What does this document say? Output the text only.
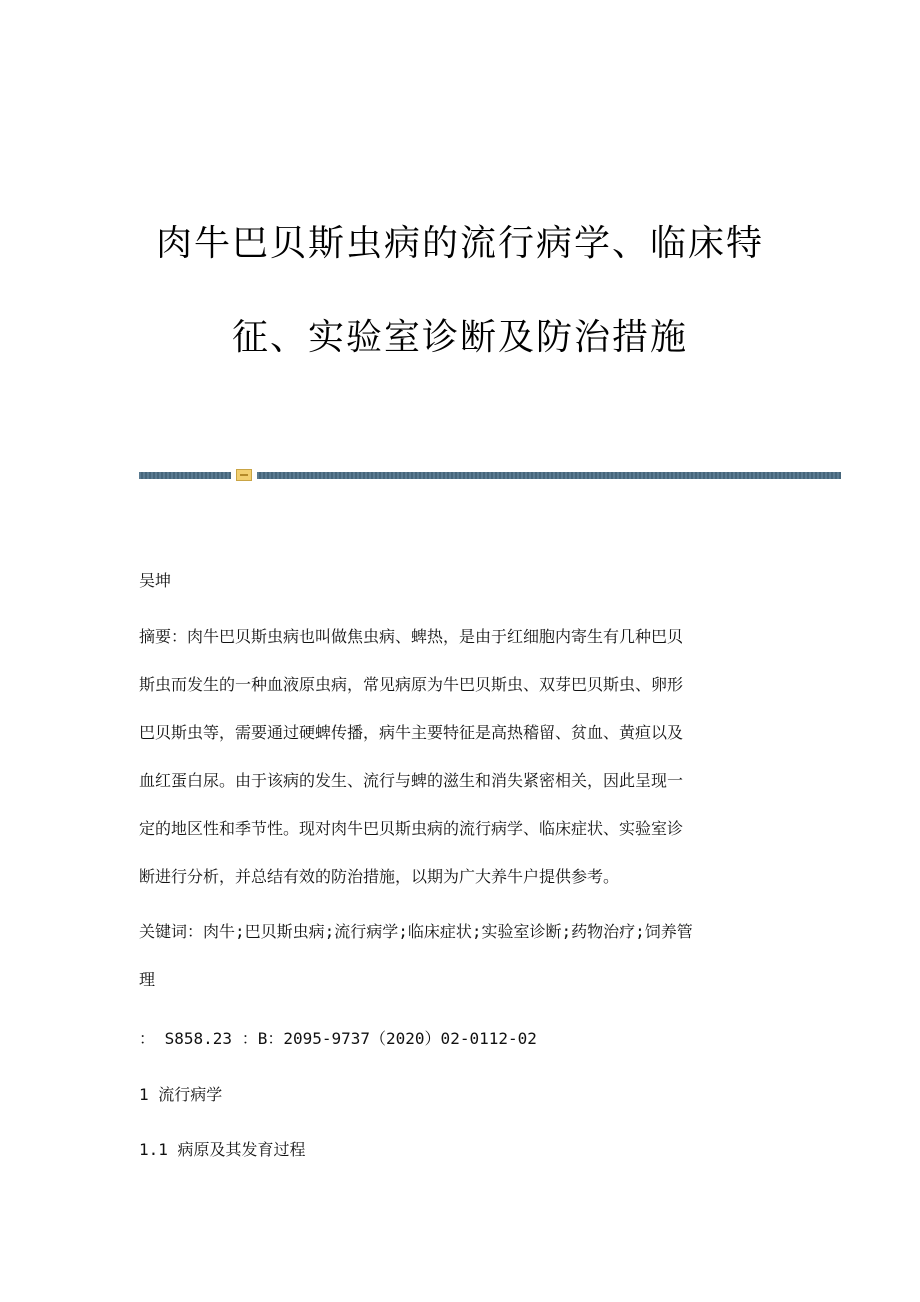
肉牛巴贝斯虫病的流行病学、临床特
征、实验室诊断及防治措施
吴坤
摘要：肉牛巴贝斯虫病也叫做焦虫病、蜱热，是由于红细胞内寄生有几种巴贝
斯虫而发生的一种血液原虫病，常见病原为牛巴贝斯虫、双芽巴贝斯虫、卵形
巴贝斯虫等，需要通过硬蜱传播，病牛主要特征是高热稽留、贫血、黄疸以及
血红蛋白尿。由于该病的发生、流行与蜱的滋生和消失紧密相关，因此呈现一
定的地区性和季节性。现对肉牛巴贝斯虫病的流行病学、临床症状、实验室诊
断进行分析，并总结有效的防治措施，以期为广大养牛户提供参考。
关键词：肉牛;巴贝斯虫病;流行病学;临床症状;实验室诊断;药物治疗;饲养管
理
： S858.23 ：B：2095-9737（2020）02-0112-02
1 流行病学
1.1 病原及其发育过程
